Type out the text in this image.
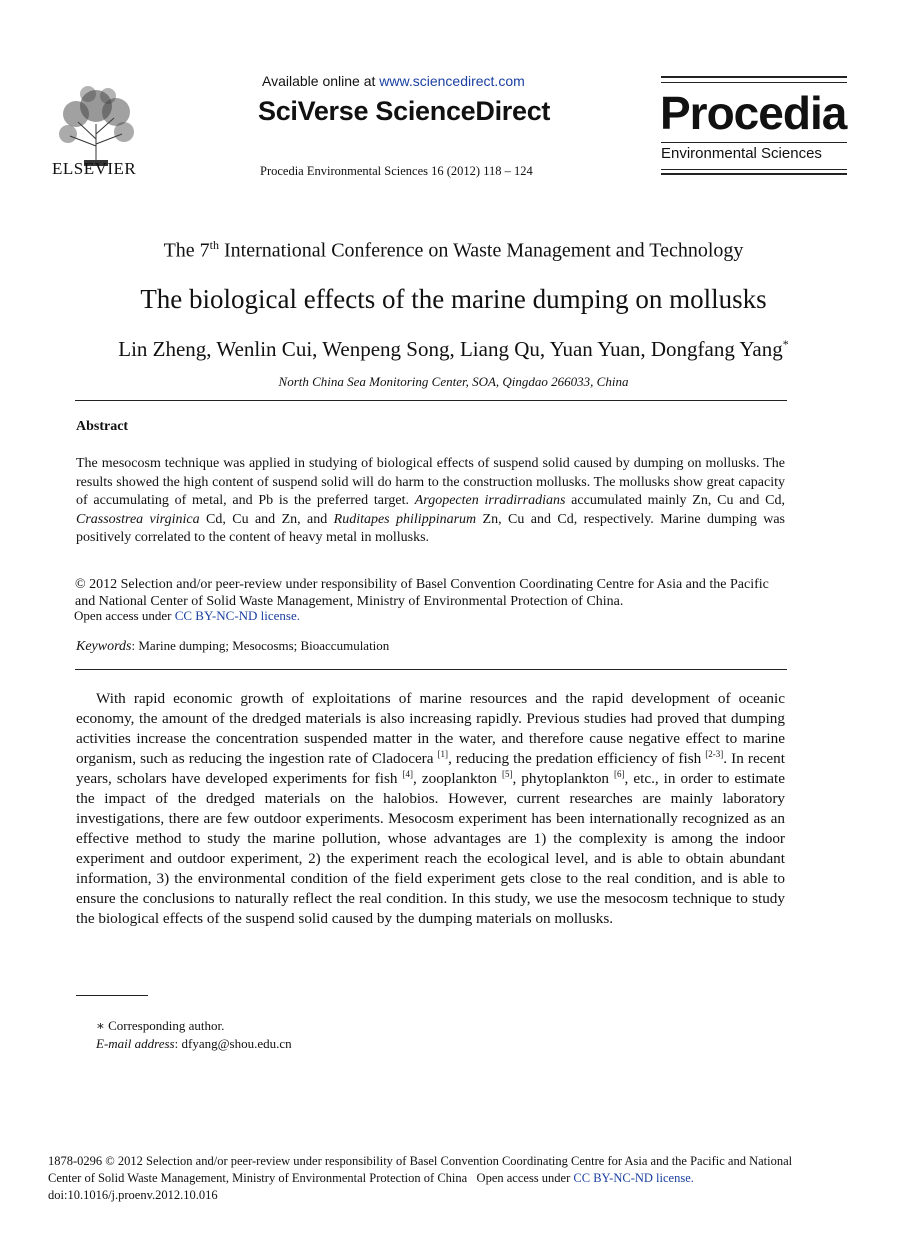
ELSEVIER
Available online at www.sciencedirect.com
SciVerse ScienceDirect
Procedia Environmental Sciences 16 (2012) 118 – 124
Procedia
Environmental Sciences
The 7th International Conference on Waste Management and Technology
The biological effects of the marine dumping on mollusks
Lin Zheng, Wenlin Cui, Wenpeng Song, Liang Qu, Yuan Yuan, Dongfang Yang*
North China Sea Monitoring Center, SOA, Qingdao 266033, China
Abstract
The mesocosm technique was applied in studying of biological effects of suspend solid caused by dumping on mollusks. The results showed the high content of suspend solid will do harm to the construction mollusks. The mollusks show great capacity of accumulating of metal, and Pb is the preferred target. Argopecten irradirradians accumulated mainly Zn, Cu and Cd, Crassostrea virginica Cd, Cu and Zn, and Ruditapes philippinarum Zn, Cu and Cd, respectively. Marine dumping was positively correlated to the content of heavy metal in mollusks.
© 2012 Selection and/or peer-review under responsibility of Basel Convention Coordinating Centre for Asia and the Pacific
and National Center of Solid Waste Management, Ministry of Environmental Protection of China.
Open access under CC BY-NC-ND license.
Keywords: Marine dumping; Mesocosms; Bioaccumulation
With rapid economic growth of exploitations of marine resources and the rapid development of oceanic economy, the amount of the dredged materials is also increasing rapidly. Previous studies had proved that dumping activities increase the concentration suspended matter in the water, and therefore cause negative effect to marine organism, such as reducing the ingestion rate of Cladocera [1], reducing the predation efficiency of fish [2-3]. In recent years, scholars have developed experiments for fish [4], zooplankton [5], phytoplankton [6], etc., in order to estimate the impact of the dredged materials on the halobios. However, current researches are mainly laboratory investigations, there are few outdoor experiments. Mesocosm experiment has been internationally recognized as an effective method to study the marine pollution, whose advantages are 1) the complexity is among the indoor experiment and outdoor experiment, 2) the experiment reach the ecological level, and is able to obtain abundant information, 3) the environmental condition of the field experiment gets close to the real condition, and is able to ensure the conclusions to naturally reflect the real condition. In this study, we use the mesocosm technique to study the biological effects of the suspend solid caused by the dumping materials on mollusks.
∗ Corresponding author.
E-mail address: dfyang@shou.edu.cn
1878-0296 © 2012 Selection and/or peer-review under responsibility of Basel Convention Coordinating Centre for Asia and the Pacific and National
Center of Solid Waste Management, Ministry of Environmental Protection of China Open access under CC BY-NC-ND license.
doi:10.1016/j.proenv.2012.10.016
